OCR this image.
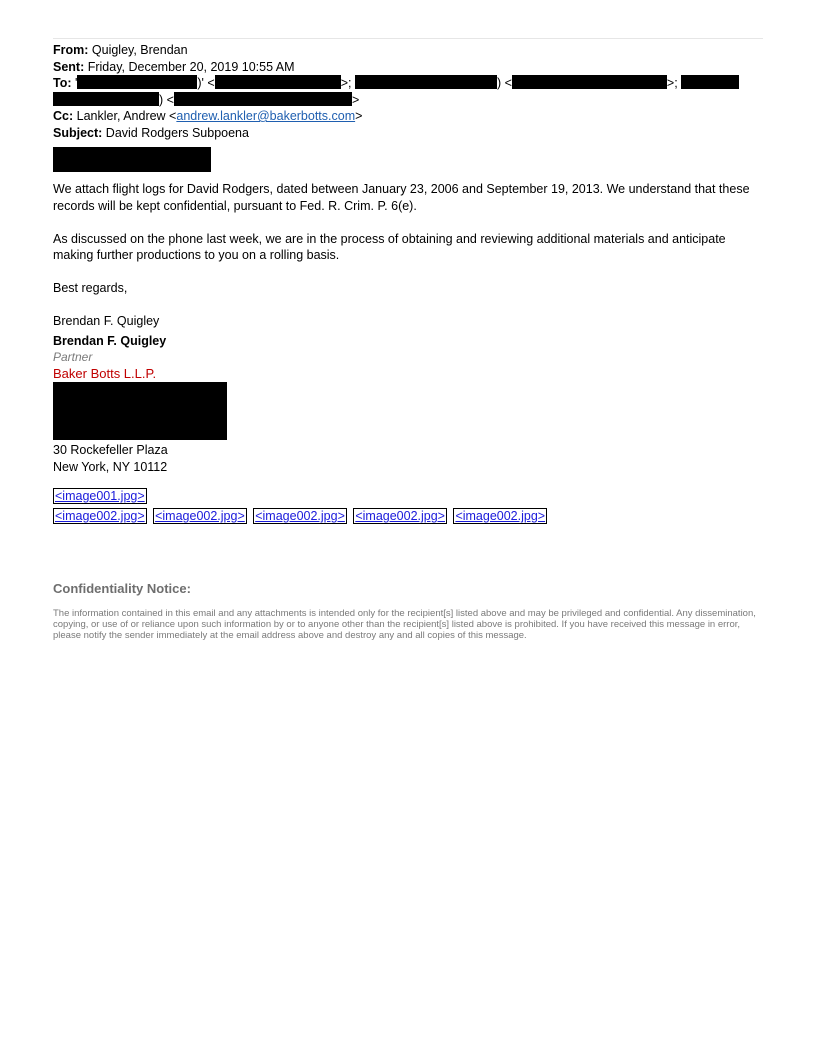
From: Quigley, Brendan
Sent: Friday, December 20, 2019 10:55 AM
To: '	)' <	>;	) <	>;
) <	>
Cc: Lankler, Andrew <andrew.lankler@bakerbotts.com>
Subject: David Rodgers Subpoena

We attach flight logs for David Rodgers, dated between January 23, 2006 and September 19, 2013. We understand that these records will be kept confidential, pursuant to Fed. R. Crim. P. 6(e).

As discussed on the phone last week, we are in the process of obtaining and reviewing additional materials and anticipate making further productions to you on a rolling basis.

Best regards,

Brendan F. Quigley

Brendan F. Quigley
Partner
Baker Botts L.L.P.
30 Rockefeller Plaza
New York, NY 10112
<image001.jpg>
<image002.jpg> <image002.jpg> <image002.jpg> <image002.jpg> <image002.jpg>
Confidentiality Notice:
The information contained in this email and any attachments is intended only for the recipient[s] listed above and may be privileged and confidential. Any dissemination, copying, or use of or reliance upon such information by or to anyone other than the recipient[s] listed above is prohibited. If you have received this message in error, please notify the sender immediately at the email address above and destroy any and all copies of this message.
